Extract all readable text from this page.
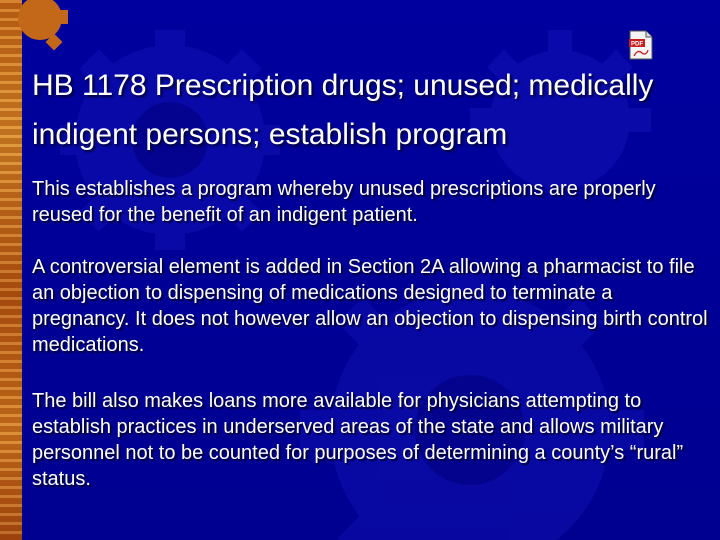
PDF
HB 1178 Prescription drugs; unused; medically indigent persons; establish program

This establishes a program whereby unused prescriptions are properly reused for the benefit of an indigent patient.

A controversial element is added in Section 2A allowing a pharmacist to file an objection to dispensing of medications designed to terminate a pregnancy. It does not however allow an objection to dispensing birth control medications.

The bill also makes loans more available for physicians attempting to establish practices in underserved areas of the state and allows military personnel not to be counted for purposes of determining a county’s “rural” status.
